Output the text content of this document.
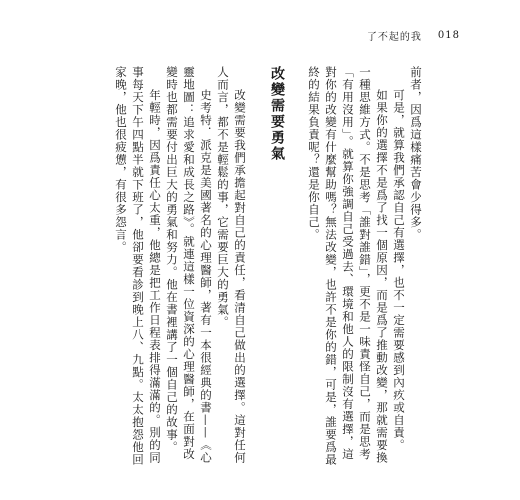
了不起的我 018

前者，因爲這樣痛苦會少得多。

可是，就算我們承認自己有選擇，也不一定需要感到內疚或自責。

如果你的選擇不是爲了找一個原因，而是爲了推動改變，那就需要換一種思維方式。不是思考「誰對誰錯」，更不是一味責怪自己，而是思考「有用沒用」。就算你強調自己受過去、環境和他人的限制沒有選擇，這對你的改變有什麼幫助嗎？無法改變，也許不是你的錯，可是，誰要爲最終的結果負責呢？還是你自己。

改變需要勇氣

改變需要我們承擔起對自己的責任，看清自己做出的選擇。這對任何人而言，都不是輕鬆的事，它需要巨大的勇氣。

史考特．派克是美國著名的心理醫師，著有一本很經典的書——《心靈地圖：追求愛和成長之路》。就連這樣一位資深的心理醫師，在面對改變時也都需要付出巨大的勇氣和努力。他在書裡講了一個自己的故事。

年輕時，因爲責任心太重，他總是把工作日程表排得滿滿的。別的同事每天下午四點半就下班了，他卻要看診到晚上八、九點。太太抱怨他回家晚，他也很疲憊，有很多怨言。
